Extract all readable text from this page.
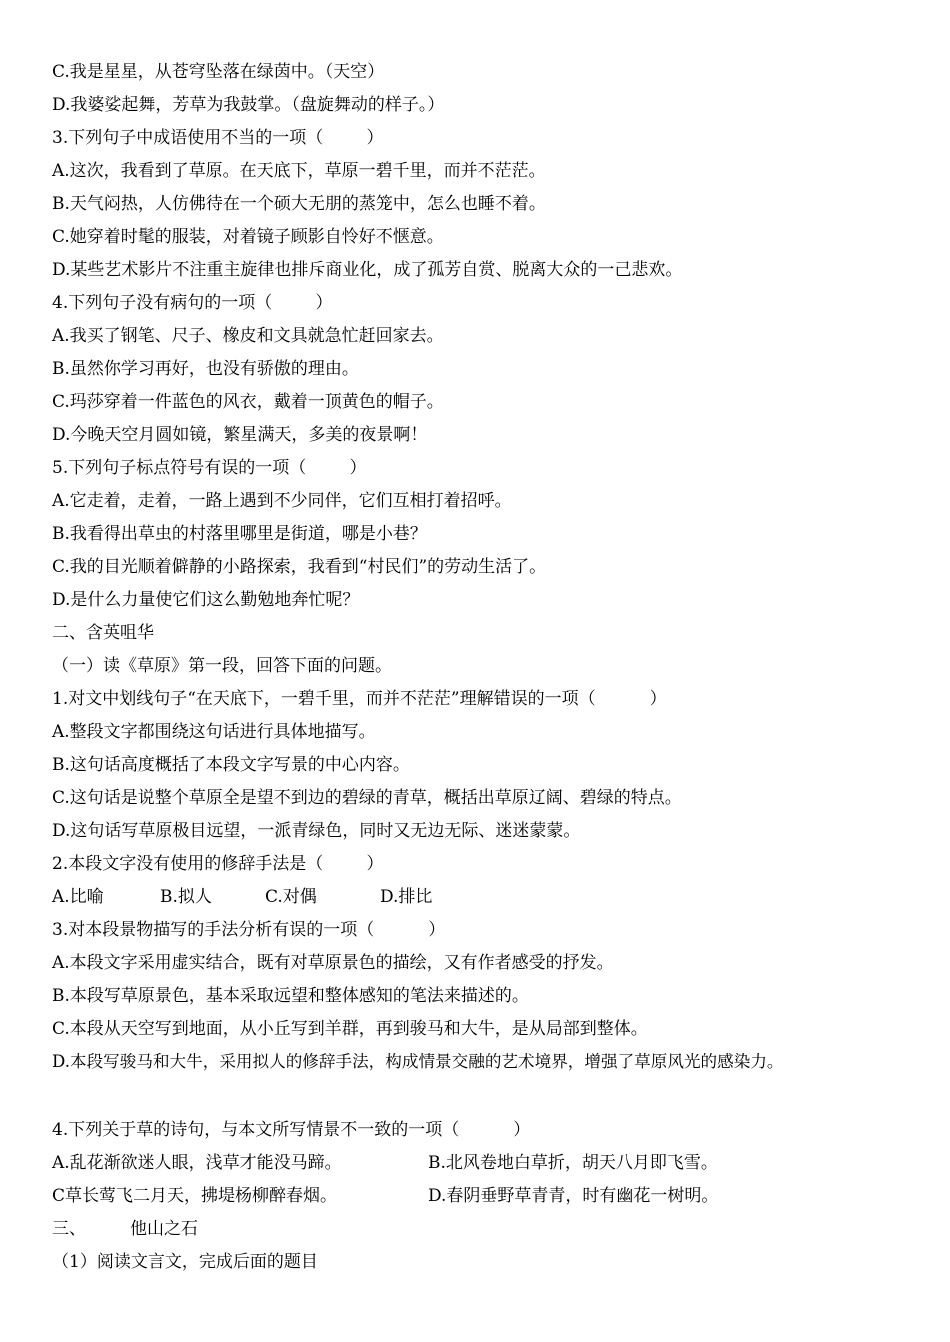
C.我是星星，从苍穹坠落在绿茵中。（天空）
D.我婆娑起舞，芳草为我鼓掌。（盘旋舞动的样子。）
3.下列句子中成语使用不当的一项（        ）
A.这次，我看到了草原。在天底下，草原一碧千里，而并不茫茫。
B.天气闷热，人仿佛待在一个硕大无朋的蒸笼中，怎么也睡不着。
C.她穿着时髦的服装，对着镜子顾影自怜好不惬意。
D.某些艺术影片不注重主旋律也排斥商业化，成了孤芳自赏、脱离大众的一己悲欢。
4.下列句子没有病句的一项（        ）
A.我买了钢笔、尺子、橡皮和文具就急忙赶回家去。
B.虽然你学习再好，也没有骄傲的理由。
C.玛莎穿着一件蓝色的风衣，戴着一顶黄色的帽子。
D.今晚天空月圆如镜，繁星满天，多美的夜景啊！
5.下列句子标点符号有误的一项（        ）
A.它走着，走着，一路上遇到不少同伴，它们互相打着招呼。
B.我看得出草虫的村落里哪里是街道，哪是小巷？
C.我的目光顺着僻静的小路探索，我看到“村民们”的劳动生活了。
D.是什么力量使它们这么勤勉地奔忙呢？
二、含英咀华
（一）读《草原》第一段，回答下面的问题。
1.对文中划线句子“在天底下，一碧千里，而并不茫茫”理解错误的一项（          ）
A.整段文字都围绕这句话进行具体地描写。
B.这句话高度概括了本段文字写景的中心内容。
C.这句话是说整个草原全是望不到边的碧绿的青草，概括出草原辽阔、碧绿的特点。
D.这句话写草原极目远望，一派青绿色，同时又无边无际、迷迷蒙蒙。
2.本段文字没有使用的修辞手法是（        ）
A.比喻	B.拟人	C.对偶	D.排比
3.对本段景物描写的手法分析有误的一项（          ）
A.本段文字采用虚实结合，既有对草原景色的描绘，又有作者感受的抒发。
B.本段写草原景色，基本采取远望和整体感知的笔法来描述的。
C.本段从天空写到地面，从小丘写到羊群，再到骏马和大牛，是从局部到整体。
D.本段写骏马和大牛，采用拟人的修辞手法，构成情景交融的艺术境界，增强了草原风光的感染力。
4.下列关于草的诗句，与本文所写情景不一致的一项（          ）
A.乱花渐欲迷人眼，浅草才能没马蹄。	B.北风卷地白草折，胡天八月即飞雪。
C草长莺飞二月天，拂堤杨柳醉春烟。	D.春阴垂野草青青，时有幽花一树明。
三、	他山之石
（1）阅读文言文，完成后面的题目
